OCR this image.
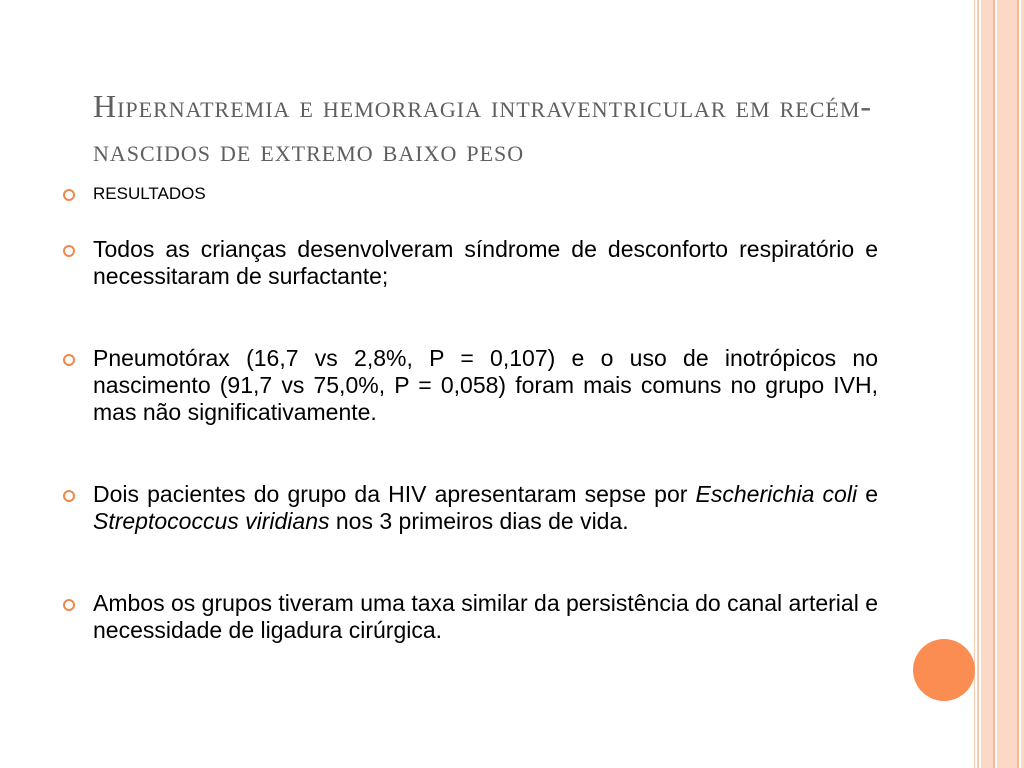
Hipernatremia e hemorragia intraventricular em recém-nascidos de extremo baixo peso
RESULTADOS
Todos as crianças desenvolveram síndrome de desconforto respiratório e necessitaram de surfactante;
Pneumotórax (16,7 vs 2,8%, P = 0,107) e o uso de inotrópicos no nascimento (91,7 vs 75,0%, P = 0,058) foram mais comuns no grupo IVH, mas não significativamente.
Dois pacientes do grupo da HIV apresentaram sepse por Escherichia coli e Streptococcus viridians nos 3 primeiros dias de vida.
Ambos os grupos tiveram uma taxa similar da persistência do canal arterial e necessidade de ligadura cirúrgica.
